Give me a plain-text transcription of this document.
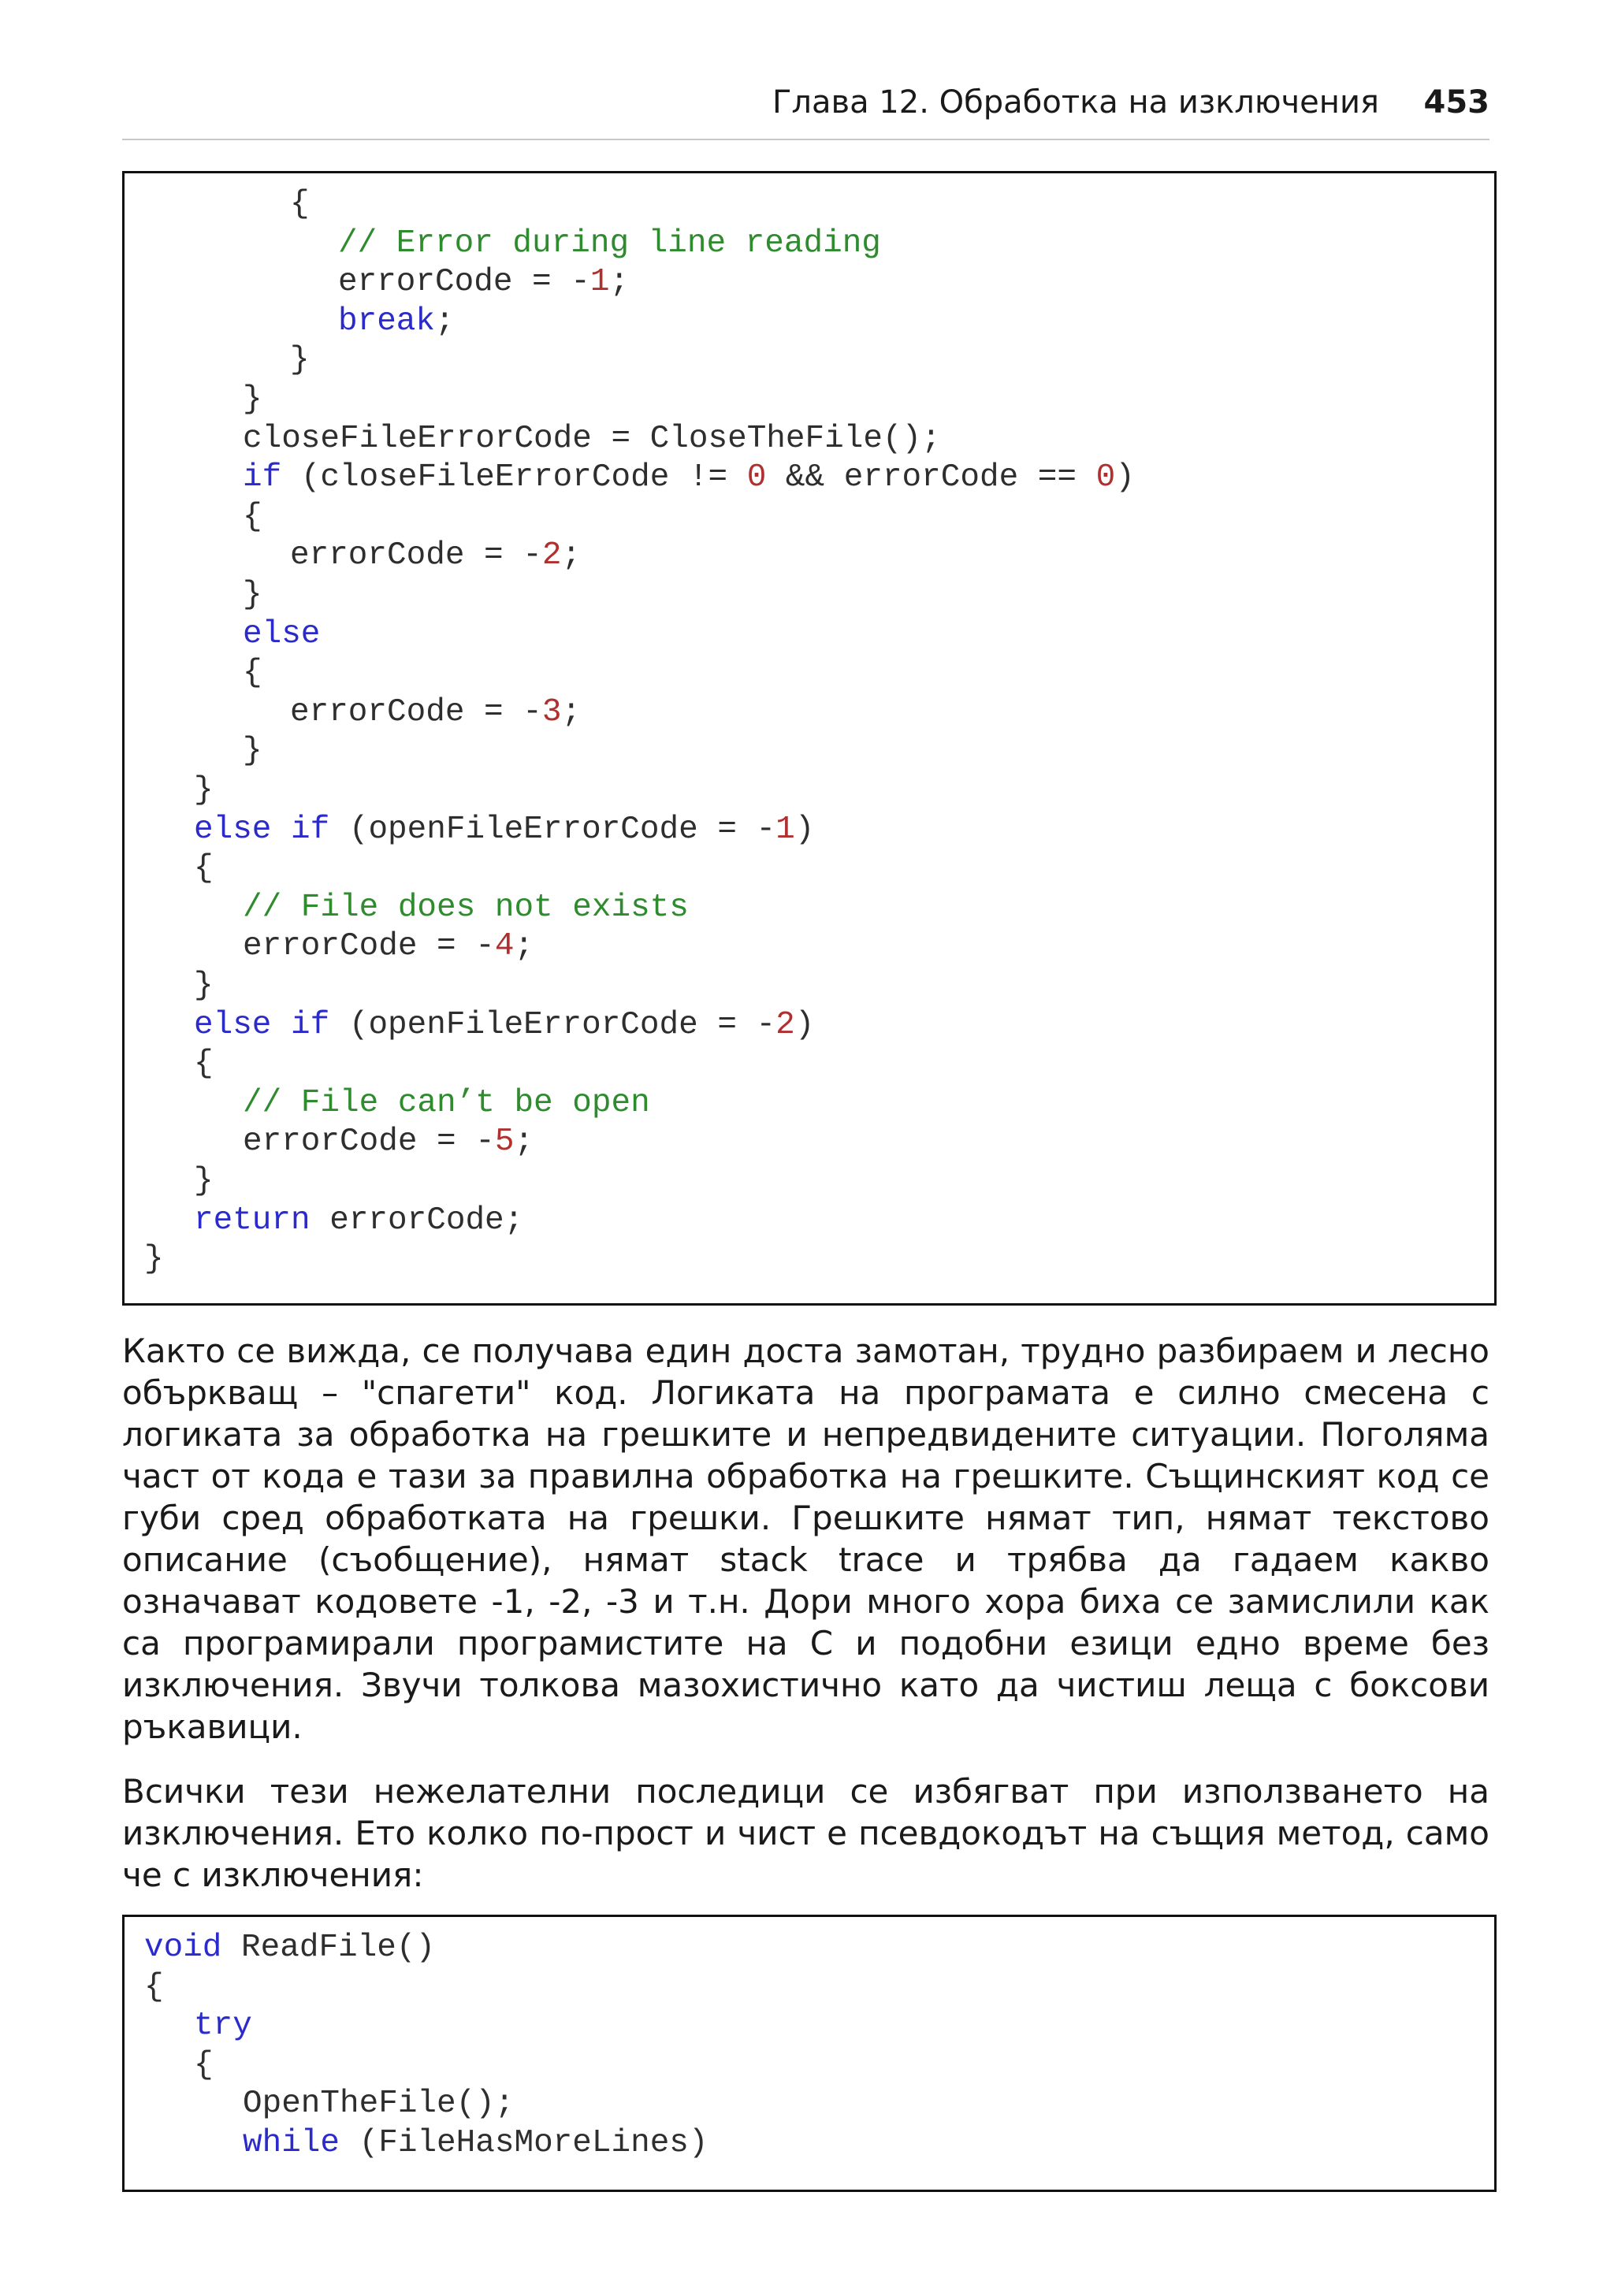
Глава 12. Обработка на изключения 453
{
// Error during line reading
errorCode = -1;
break;
}
}
closeFileErrorCode = CloseTheFile();
if (closeFileErrorCode != 0 && errorCode == 0)
{
errorCode = -2;
}
else
{
errorCode = -3;
}
}
else if (openFileErrorCode = -1)
{
// File does not exists
errorCode = -4;
}
else if (openFileErrorCode = -2)
{
// File can’t be open
errorCode = -5;
}
return errorCode;
}

Както се вижда, се получава един доста замотан, трудно разбираем и лесно объркващ – "спагети" код. Логиката на програмата е силно смесена с логиката за обработка на грешките и непредвидените ситуации. Поголяма част от кода е тази за правилна обработка на грешките. Същинският код се губи сред обработката на грешки. Грешките нямат тип, нямат текстово описание (съобщение), нямат stack trace и трябва да гадаем какво означават кодовете -1, -2, -3 и т.н. Дори много хора биха се замислили как са програмирали програмистите на C и подобни езици едно време без изключения. Звучи толкова мазохистично като да чистиш леща с боксови ръкавици.

Всички тези нежелателни последици се избягват при използването на изключения. Ето колко по-прост и чист е псевдокодът на същия метод, само че с изключения:

void ReadFile()
{
try
{
OpenTheFile();
while (FileHasMoreLines)
